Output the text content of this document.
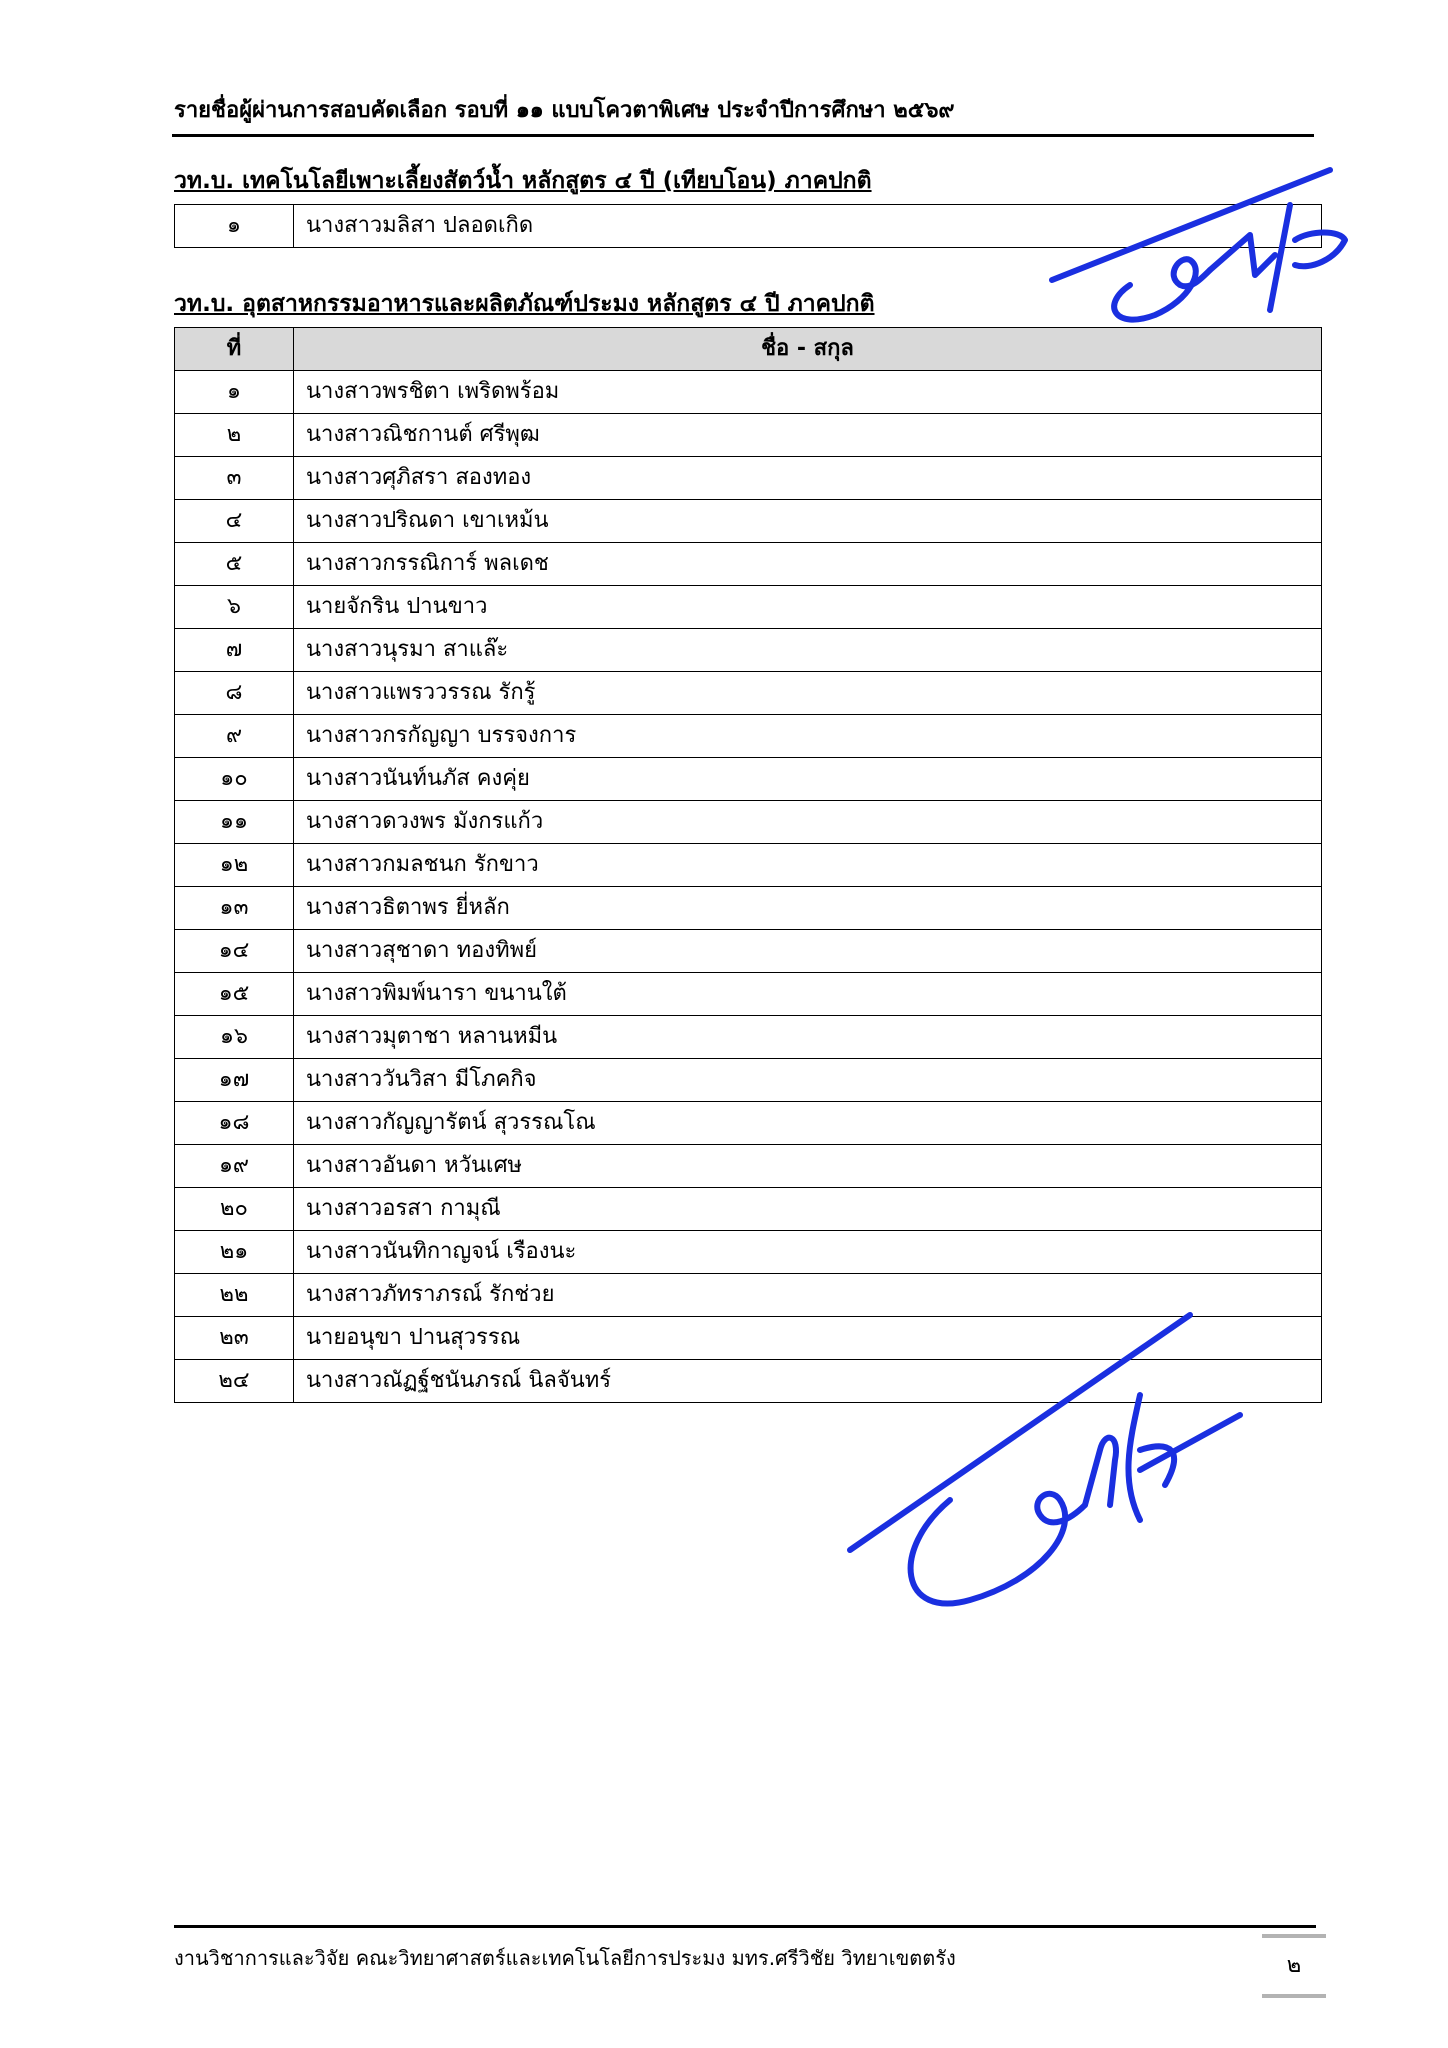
รายชื่อผู้ผ่านการสอบคัดเลือก รอบที่ ๑๑ แบบโควตาพิเศษ ประจำปีการศึกษา ๒๕๖๙
วท.บ. เทคโนโลยีเพาะเลี้ยงสัตว์น้ำ หลักสูตร ๔ ปี (เทียบโอน) ภาคปกติ
๑	นางสาวมลิสา ปลอดเกิด
วท.บ. อุตสาหกรรมอาหารและผลิตภัณฑ์ประมง หลักสูตร ๔ ปี ภาคปกติ
ที่	ชื่อ - สกุล
๑	นางสาวพรชิตา เพริดพร้อม
๒	นางสาวณิชกานต์ ศรีพุฒ
๓	นางสาวศุภิสรา สองทอง
๔	นางสาวปริณดา เขาเหม้น
๕	นางสาวกรรณิการ์ พลเดช
๖	นายจักริน ปานขาว
๗	นางสาวนุรมา สาแล๊ะ
๘	นางสาวแพรววรรณ รักรู้
๙	นางสาวกรกัญญา บรรจงการ
๑๐	นางสาวนันท์นภัส คงคุ่ย
๑๑	นางสาวดวงพร มังกรแก้ว
๑๒	นางสาวกมลชนก รักขาว
๑๓	นางสาวธิตาพร ยี่หลัก
๑๔	นางสาวสุชาดา ทองทิพย์
๑๕	นางสาวพิมพ์นารา ขนานใต้
๑๖	นางสาวมุตาชา หลานหมีน
๑๗	นางสาววันวิสา มีโภคกิจ
๑๘	นางสาวกัญญารัตน์ สุวรรณโณ
๑๙	นางสาวอันดา หวันเศษ
๒๐	นางสาวอรสา กามุณี
๒๑	นางสาวนันทิกาญจน์ เรืองนะ
๒๒	นางสาวภัทราภรณ์ รักช่วย
๒๓	นายอนุขา ปานสุวรรณ
๒๔	นางสาวณัฏฐ์ชนันภรณ์ นิลจันทร์
งานวิชาการและวิจัย คณะวิทยาศาสตร์และเทคโนโลยีการประมง มทร.ศรีวิชัย วิทยาเขตตรัง	๒
